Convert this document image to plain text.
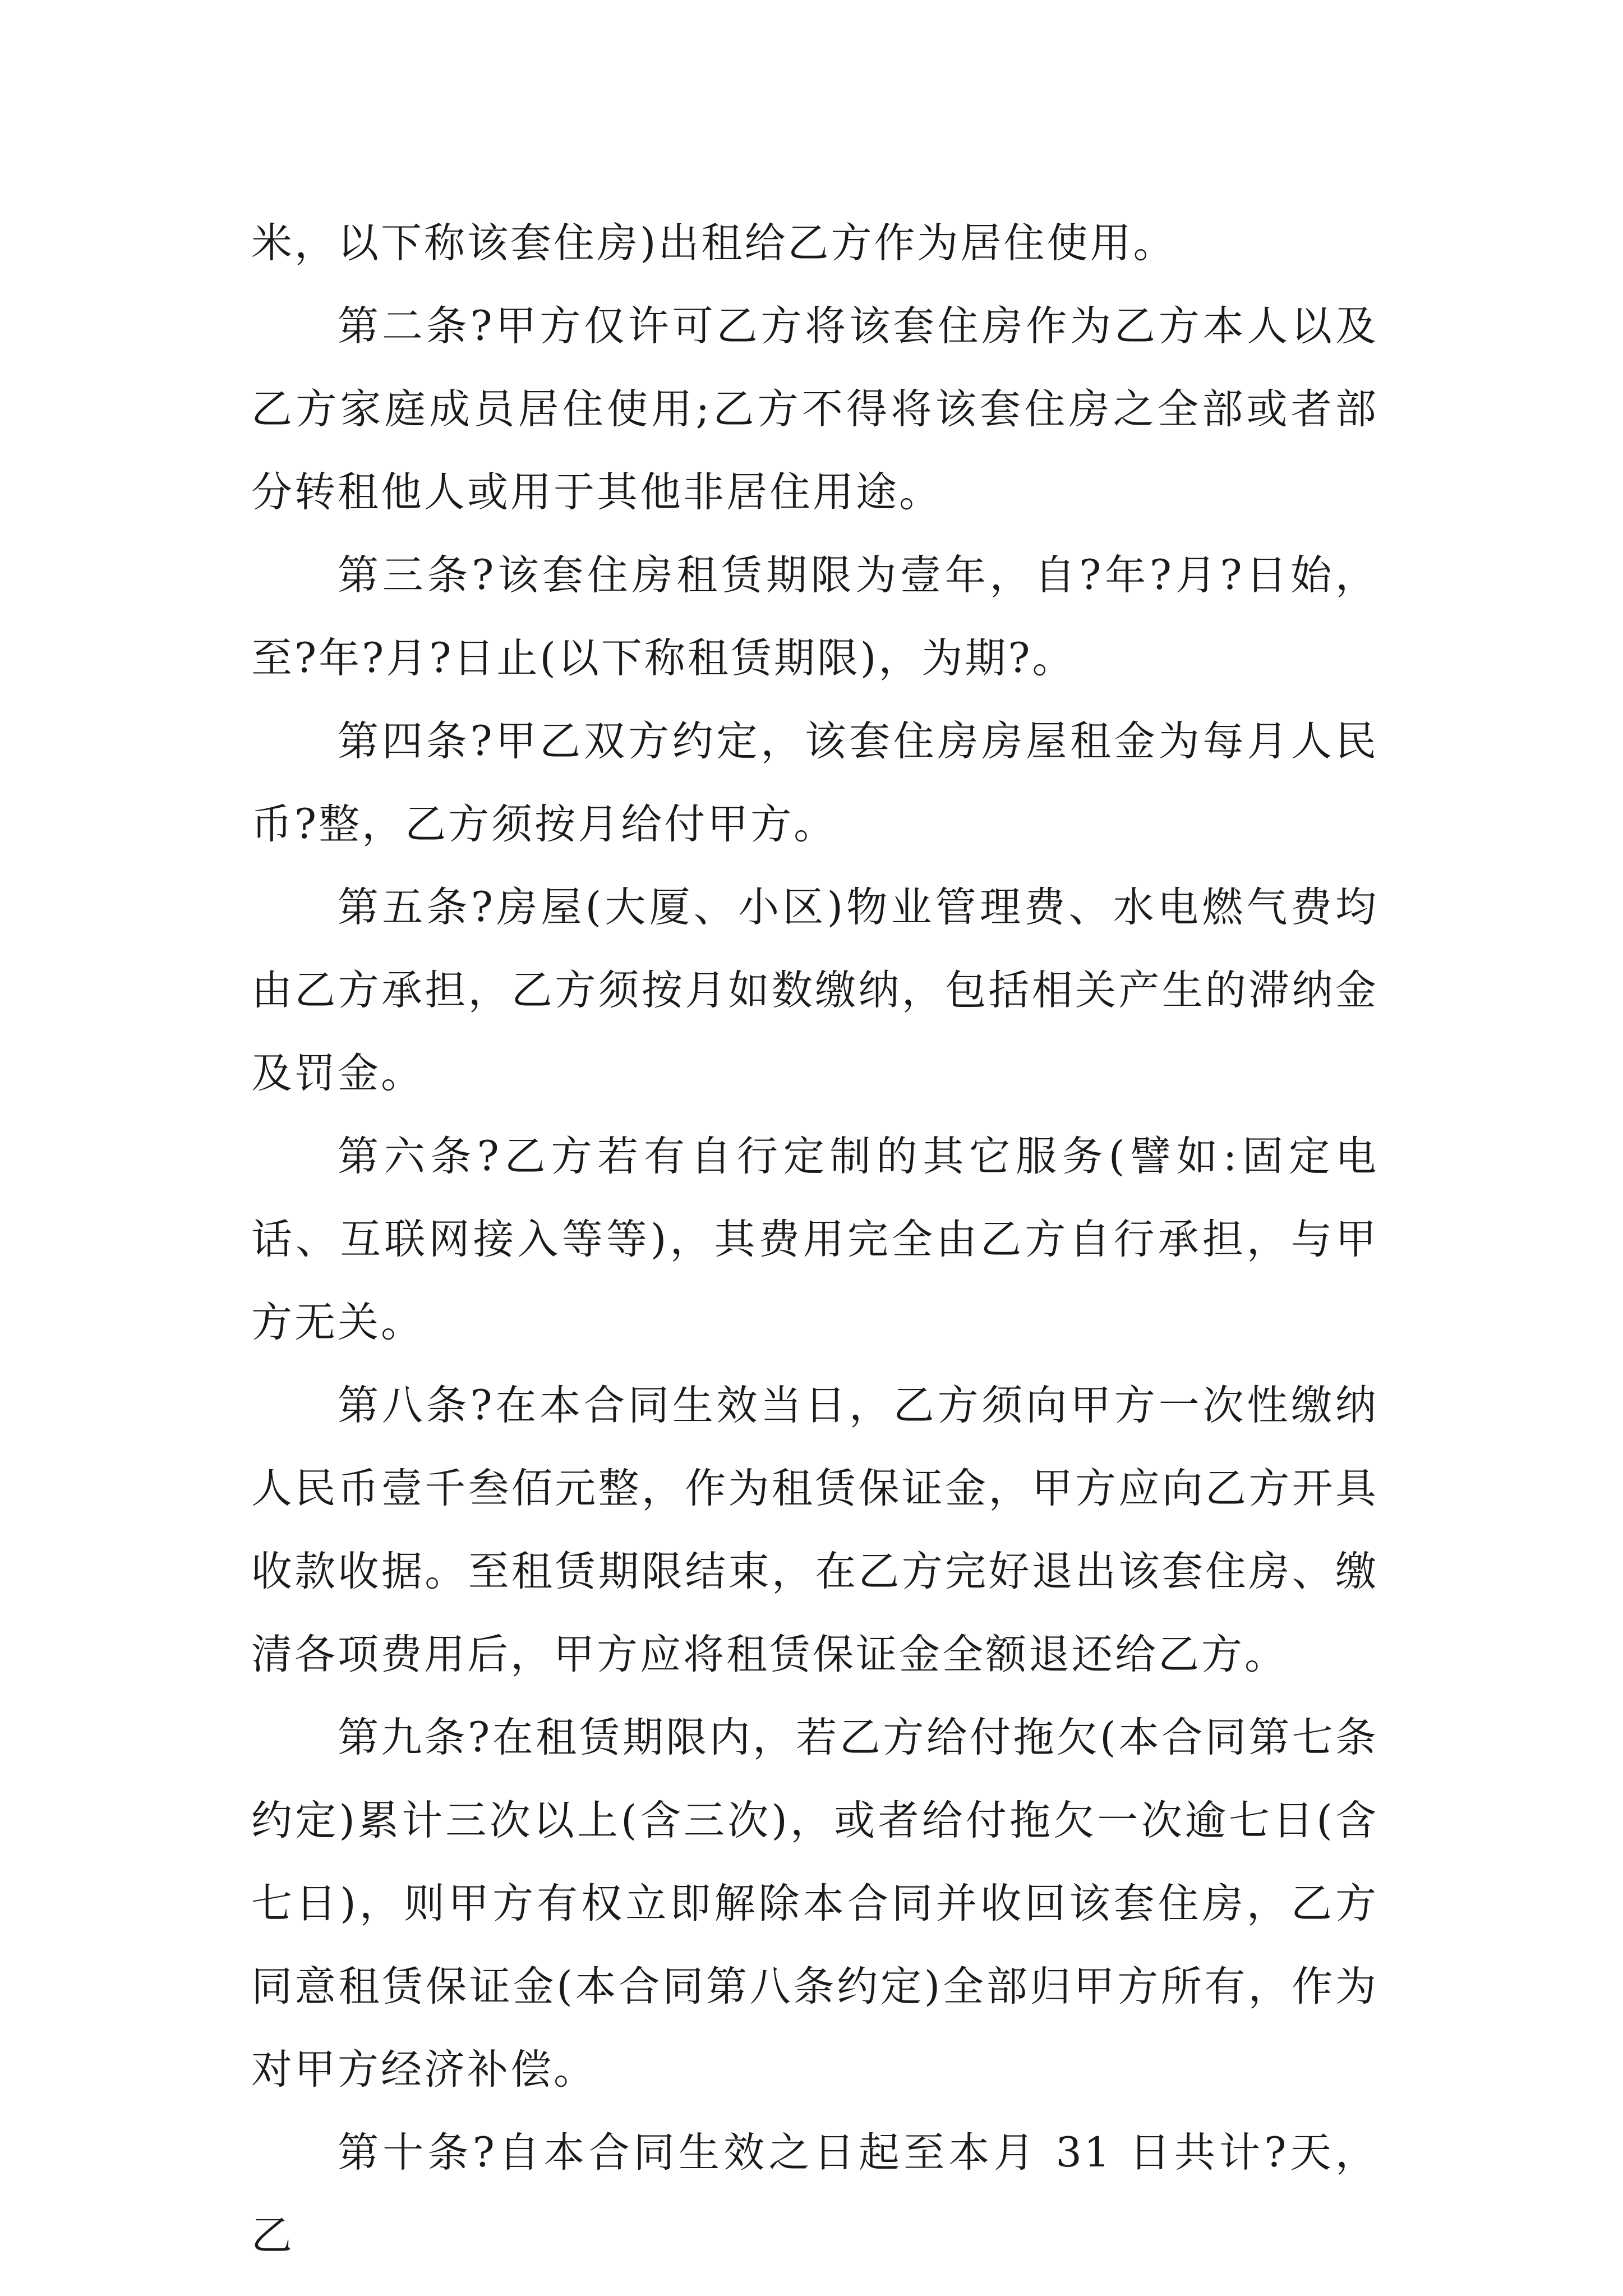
米，以下称该套住房)出租给乙方作为居住使用。

第二条?甲方仅许可乙方将该套住房作为乙方本人以及乙方家庭成员居住使用;乙方不得将该套住房之全部或者部分转租他人或用于其他非居住用途。

第三条?该套住房租赁期限为壹年，自?年?月?日始，至?年?月?日止(以下称租赁期限)，为期?。

第四条?甲乙双方约定，该套住房房屋租金为每月人民币?整，乙方须按月给付甲方。

第五条?房屋(大厦、小区)物业管理费、水电燃气费均由乙方承担，乙方须按月如数缴纳，包括相关产生的滞纳金及罚金。

第六条?乙方若有自行定制的其它服务(譬如:固定电话、互联网接入等等)，其费用完全由乙方自行承担，与甲方无关。

第八条?在本合同生效当日，乙方须向甲方一次性缴纳人民币壹千叁佰元整，作为租赁保证金，甲方应向乙方开具收款收据。至租赁期限结束，在乙方完好退出该套住房、缴清各项费用后，甲方应将租赁保证金全额退还给乙方。

第九条?在租赁期限内，若乙方给付拖欠(本合同第七条约定)累计三次以上(含三次)，或者给付拖欠一次逾七日(含七日)，则甲方有权立即解除本合同并收回该套住房，乙方同意租赁保证金(本合同第八条约定)全部归甲方所有，作为对甲方经济补偿。

第十条?自本合同生效之日起至本月 31 日共计?天，乙
